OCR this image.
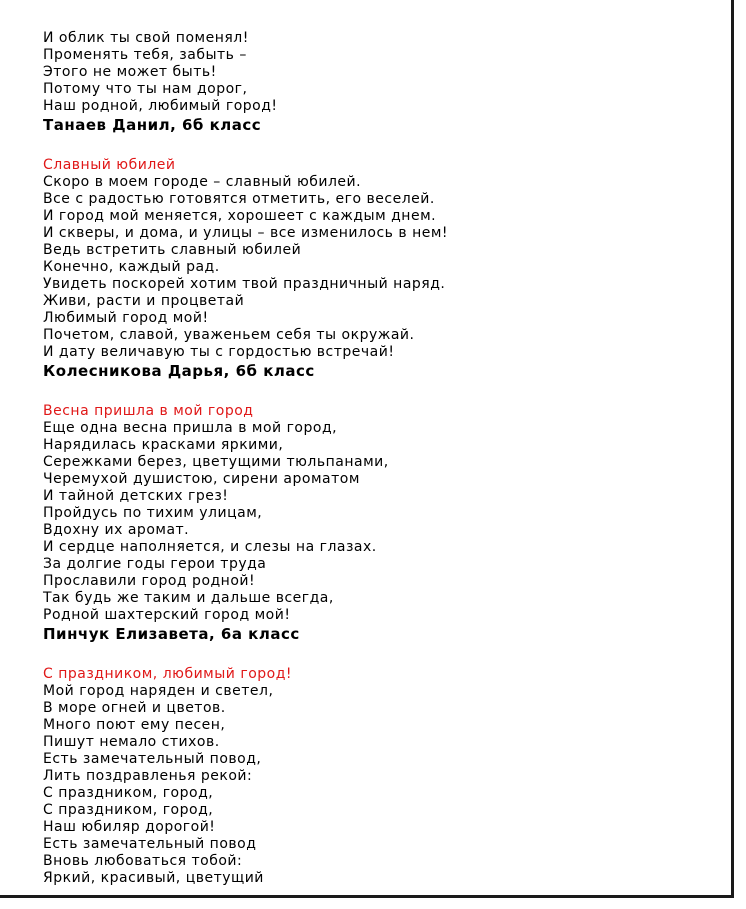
И облик ты свой поменял!
Променять тебя, забыть –
Этого не может быть!
Потому что ты нам дорог,
Наш родной, любимый город!
Танаев Данил, 6б класс
Славный юбилей
Скоро в моем городе – славный юбилей.
Все с радостью готовятся отметить, его веселей.
И город мой меняется, хорошеет с каждым днем.
И скверы, и дома, и улицы – все изменилось в нем!
Ведь встретить славный юбилей
Конечно, каждый рад.
Увидеть поскорей хотим твой праздничный наряд.
Живи, расти и процветай
Любимый город мой!
Почетом, славой, уваженьем себя ты окружай.
И дату величавую ты с гордостью встречай!
Колесникова Дарья, 6б класс
Весна пришла в мой город
Еще одна весна пришла в мой город,
Нарядилась красками яркими,
Сережками берез, цветущими тюльпанами,
Черемухой душистою, сирени ароматом
И тайной детских грез!
Пройдусь по тихим улицам,
Вдохну их аромат.
И сердце наполняется, и слезы на глазах.
За долгие годы герои труда
Прославили город родной!
Так будь же таким и дальше всегда,
Родной шахтерский город мой!
Пинчук Елизавета, 6а класс
С праздником, любимый город!
Мой город наряден и светел,
В море огней и цветов.
Много поют ему песен,
Пишут немало стихов.
Есть замечательный повод,
Лить поздравленья рекой:
С праздником, город,
С праздником, город,
Наш юбиляр дорогой!
Есть замечательный повод
Вновь любоваться тобой:
Яркий, красивый, цветущий
